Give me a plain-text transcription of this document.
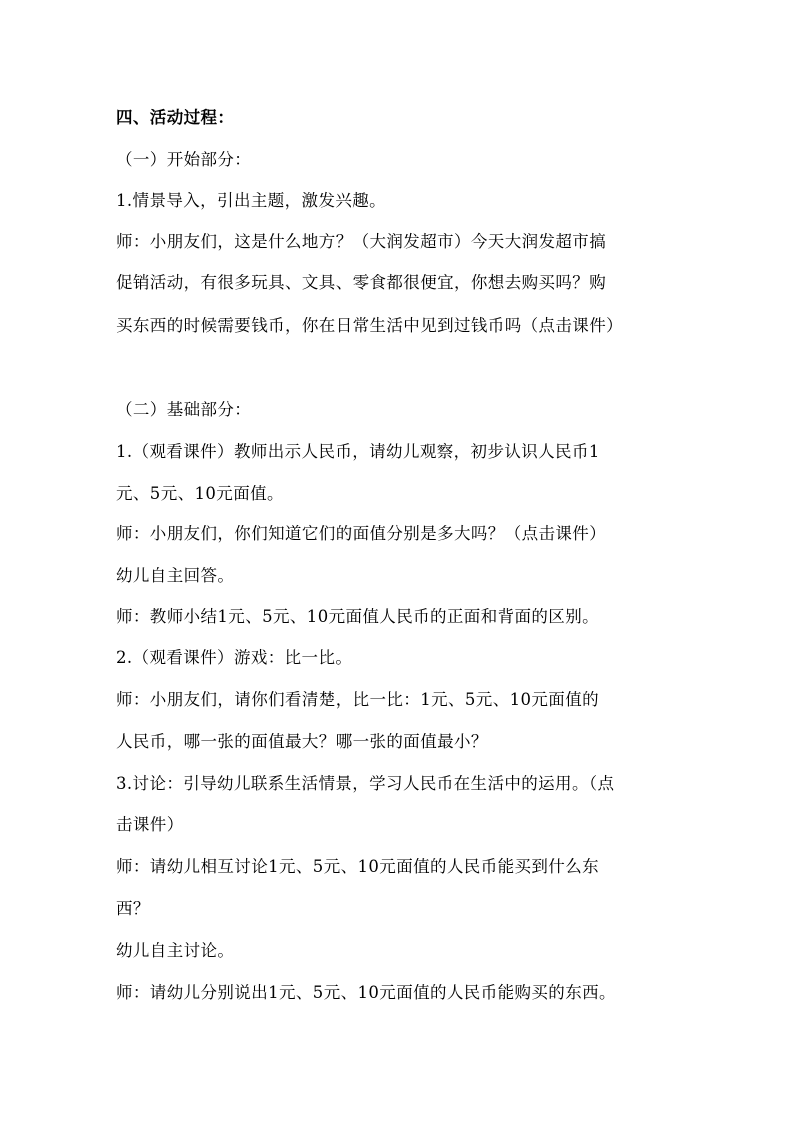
四、活动过程：
（一）开始部分：
1.情景导入，引出主题，激发兴趣。
师：小朋友们，这是什么地方？（大润发超市）今天大润发超市搞
促销活动，有很多玩具、文具、零食都很便宜，你想去购买吗？购
买东西的时候需要钱币，你在日常生活中见到过钱币吗（点击课件）
（二）基础部分：
1.（观看课件）教师出示人民币，请幼儿观察，初步认识人民币1
元、5元、10元面值。
师：小朋友们，你们知道它们的面值分别是多大吗？（点击课件）
幼儿自主回答。
师：教师小结1元、5元、10元面值人民币的正面和背面的区别。
2.（观看课件）游戏：比一比。
师：小朋友们，请你们看清楚，比一比：1元、5元、10元面值的
人民币，哪一张的面值最大？哪一张的面值最小？
3.讨论：引导幼儿联系生活情景，学习人民币在生活中的运用。（点
击课件）
师：请幼儿相互讨论1元、5元、10元面值的人民币能买到什么东
西？
幼儿自主讨论。
师：请幼儿分别说出1元、5元、10元面值的人民币能购买的东西。
